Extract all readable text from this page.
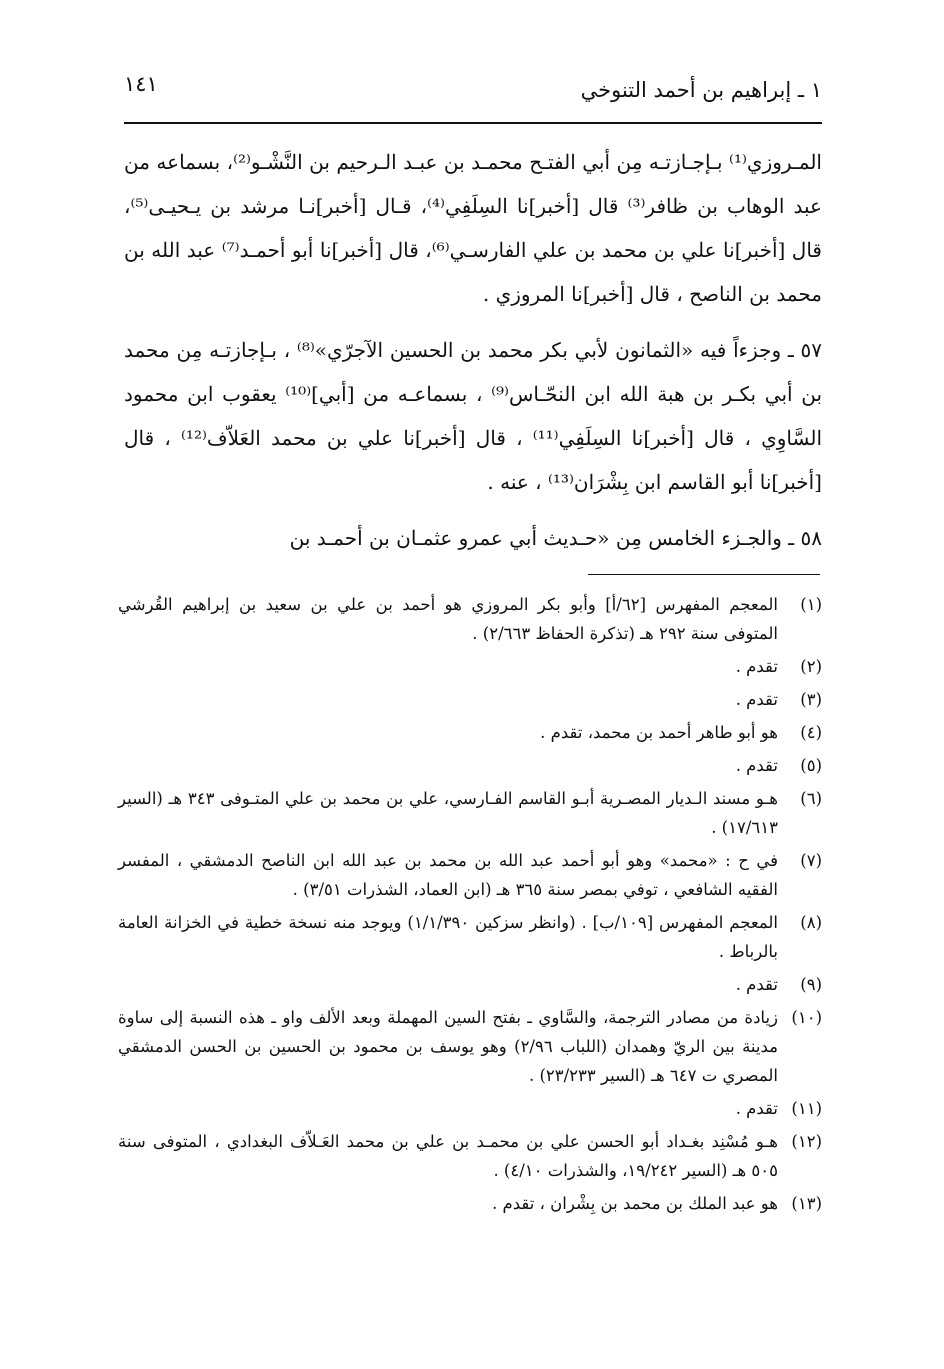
١ ـ إبراهيم بن أحمد التنوخي
١٤١

المـروزي⁽¹⁾ بـإجـازتـه مِن أبي الفتـح محمـد بن عبـد الـرحيم بن النَّشْـو⁽²⁾، بسماعه من عبد الوهاب بن ظافر⁽³⁾ قال [أخبر]نا السِلَفِي⁽⁴⁾، قـال [أخبر]نـا مرشد بن يـحيـى⁽⁵⁾، قال [أخبر]نا علي بن محمد بن علي الفارسـي⁽⁶⁾، قال [أخبر]نا أبو أحمـد⁽⁷⁾ عبد الله بن محمد بن الناصح ، قال [أخبر]نا المروزي .

٥٧ ـ وجزءاً فيه «الثمانون لأبي بكر محمد بن الحسين الآجرّي»⁽⁸⁾ ، بـإجازتـه مِن محمد بن أبي بكـر بن هبة الله ابن النحّـاس⁽⁹⁾ ، بسماعـه من [أبي]⁽¹⁰⁾ يعقوب ابن محمود السَّاوِي ، قال [أخبر]نا السِلَفِي⁽¹¹⁾ ، قال [أخبر]نا علي بن محمد العَلاّف⁽¹²⁾ ، قال [أخبر]نا أبو القاسم ابن بِشْرَان⁽¹³⁾ ، عنه .

٥٨ ـ والجـزء الخامس مِن «حـديث أبي عمرو عثمـان بن أحمـد بن

(١)
المعجم المفهرس [٦٢/أ] وأبو بكر المروزي هو أحمد بن علي بن سعيد بن إبراهيم القُرشي المتوفى سنة ٢٩٢ هـ (تذكرة الحفاظ ٢/٦٦٣) .
(٢)
تقدم .
(٣)
تقدم .
(٤)
هو أبو طاهر أحمد بن محمد، تقدم .
(٥)
تقدم .
(٦)
هـو مسند الـديار المصـرية أبـو القاسم الفـارسي، علي بن محمد بن علي المتـوفى ٣٤٣ هـ (السير ١٧/٦١٣) .
(٧)
في ح : «محمد» وهو أبو أحمد عبد الله بن محمد بن عبد الله ابن الناصح الدمشقي ، المفسر الفقيه الشافعي ، توفي بمصر سنة ٣٦٥ هـ (ابن العماد، الشذرات ٣/٥١) .
(٨)
المعجم المفهرس [١٠٩/ب] . (وانظر سزكين ١/١/٣٩٠) ويوجد منه نسخة خطية في الخزانة العامة بالرباط .
(٩)
تقدم .
(١٠)
زيادة من مصادر الترجمة، والسَّاوي ـ بفتح السين المهملة وبعد الألف واو ـ هذه النسبة إلى ساوة مدينة بين الريّ وهمدان (اللباب ٢/٩٦) وهو يوسف بن محمود بن الحسين بن الحسن الدمشقي المصري ت ٦٤٧ هـ (السير ٢٣/٢٣٣) .
(١١)
تقدم .
(١٢)
هـو مُسْنِد بغـداد أبو الحسن علي بن محمـد بن علي بن محمد العَـلاّف البغدادي ، المتوفى سنة ٥٠٥ هـ (السير ١٩/٢٤٢، والشذرات ٤/١٠) .
(١٣)
هو عبد الملك بن محمد بن بِشْران ، تقدم .
